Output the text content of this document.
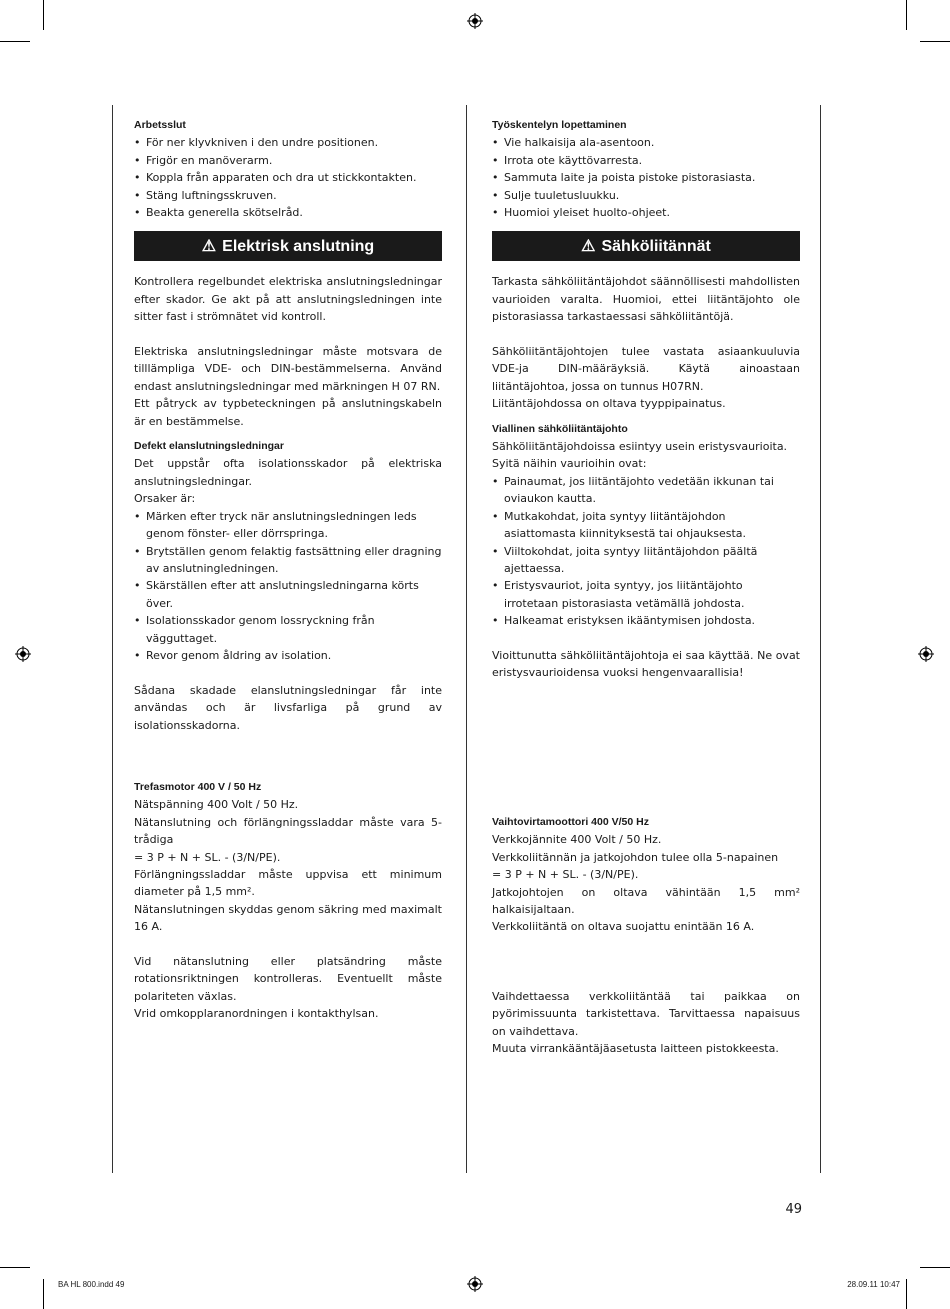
Arbetsslut
• För ner klyvkniven i den undre positionen.
• Frigör en manöverarm.
• Koppla från apparaten och dra ut stickkontakten.
• Stäng luftningsskruven.
• Beakta generella skötselråd.
⚠ Elektrisk anslutning

Kontrollera regelbundet elektriska anslutningsledningar efter skador. Ge akt på att anslutningsledningen inte sitter fast i strömnätet vid kontroll.

Elektriska anslutningsledningar måste motsvara de tilllämpliga VDE- och DIN-bestämmelserna. Använd endast anslutningsledningar med märkningen H 07 RN.

Ett påtryck av typbeteckningen på anslutningskabeln är en bestämmelse.

Defekt elanslutningsledningar

Det uppstår ofta isolationsskador på elektriska anslutningsledningar.

Orsaker är:

• Märken efter tryck när anslutningsledningen leds genom fönster- eller dörrspringa.
• Brytställen genom felaktig fastsättning eller dragning av anslutningledningen.
• Skärställen efter att anslutningsledningarna körts över.
• Isolationsskador genom lossryckning från vägguttaget.
• Revor genom åldring av isolation.

Sådana skadade elanslutningsledningar får inte användas och är livsfarliga på grund av isolationsskadorna.

Trefasmotor 400 V / 50 Hz

Nätspänning 400 Volt / 50 Hz.

Nätanslutning och förlängningssladdar måste vara 5-trådiga

= 3 P + N + SL. - (3/N/PE).

Förlängningssladdar måste uppvisa ett minimum diameter på 1,5 mm².

Nätanslutningen skyddas genom säkring med maximalt 16 A.

Vid nätanslutning eller platsändring måste rotationsriktningen kontrolleras. Eventuellt måste polariteten växlas.

Vrid omkopplaranordningen i kontakthylsan.

Työskentelyn lopettaminen
• Vie halkaisija ala-asentoon.
• Irrota ote käyttövarresta.
• Sammuta laite ja poista pistoke pistorasiasta.
• Sulje tuuletusluukku.
• Huomioi yleiset huolto-ohjeet.
⚠ Sähköliitännät

Tarkasta sähköliitäntäjohdot säännöllisesti mahdollisten vaurioiden varalta. Huomioi, ettei liitäntäjohto ole pistorasiassa tarkastaessasi sähköliitäntöjä.

Sähköliitäntäjohtojen tulee vastata asiaankuuluvia VDE-ja DIN-määräyksiä. Käytä ainoastaan liitäntäjohtoa, jossa on tunnus H07RN.

Liitäntäjohdossa on oltava tyyppipainatus.

Viallinen sähköliitäntäjohto

Sähköliitäntäjohdoissa esiintyy usein eristysvaurioita.

Syitä näihin vaurioihin ovat:

• Painaumat, jos liitäntäjohto vedetään ikkunan tai oviaukon kautta.
• Mutkakohdat, joita syntyy liitäntäjohdon asiattomasta kiinnityksestä tai ohjauksesta.
• Viiltokohdat, joita syntyy liitäntäjohdon päältä ajettaessa.
• Eristysvauriot, joita syntyy, jos liitäntäjohto irrotetaan pistorasiasta vetämällä johdosta.
• Halkeamat eristyksen ikääntymisen johdosta.

Vioittunutta sähköliitäntäjohtoja ei saa käyttää. Ne ovat eristysvaurioidensa vuoksi hengenvaarallisia!

Vaihtovirtamoottori 400 V/50 Hz

Verkkojännite 400 Volt / 50 Hz.

Verkkoliitännän ja jatkojohdon tulee olla 5-napainen

= 3 P + N + SL. - (3/N/PE).

Jatkojohtojen on oltava vähintään 1,5 mm² halkaisijaltaan.

Verkkoliitäntä on oltava suojattu enintään 16 A.

Vaihdettaessa verkkoliitäntää tai paikkaa on pyörimissuunta tarkistettava. Tarvittaessa napaisuus on vaihdettava.

Muuta virrankääntäjäasetusta laitteen pistokkeesta.

49
BA HL 800.indd 49	28.09.11 10:47
